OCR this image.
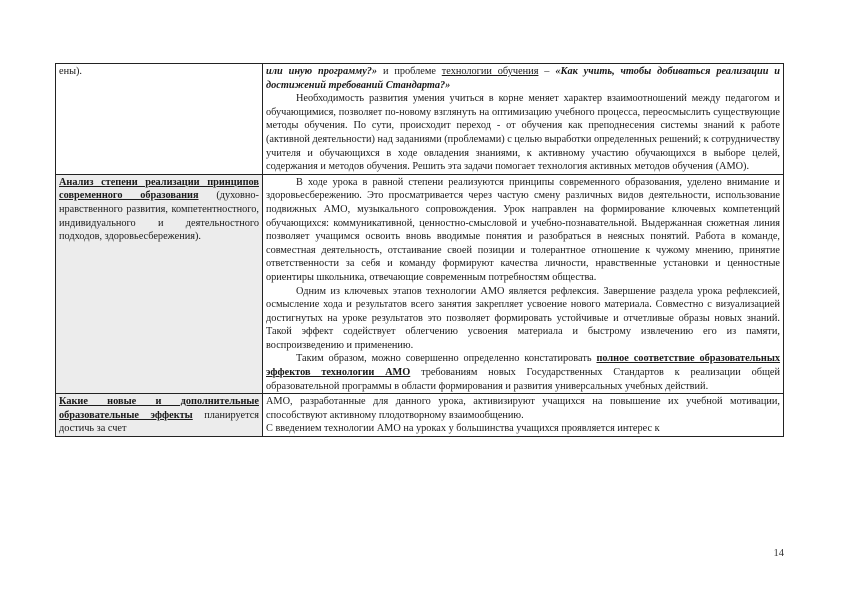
ены).	или иную программу?» и проблеме технологии обучения – «Как учить, чтобы добиваться реализации и достижений требований Стандарта?»

Необходимость развития умения учиться в корне меняет характер взаимоотношений между педагогом и обучающимися, позволяет по-новому взглянуть на оптимизацию учебного процесса, переосмыслить существующие методы обучения. По сути, происходит переход - от обучения как преподнесения системы знаний к работе (активной деятельности) над заданиями (проблемами) с целью выработки определенных решений; к сотрудничеству учителя и обучающихся в ходе овладения знаниями, к активному участию обучающихся в выборе целей, содержания и методов обучения. Решить эта задачи помогает технология активных методов обучения (АМО).

Анализ степени реализации принципов современного образования (духовно-нравственного развития, компетентностного, индивидуального и деятельностного подходов, здоровьесбережения).	В ходе урока в равной степени реализуются принципы современного образования, уделено внимание и здоровьесбережению. Это просматривается через частую смену различных видов деятельности, использование подвижных АМО, музыкального сопровождения. Урок направлен на формирование ключевых компетенций обучающихся: коммуникативной, ценностно-смысловой и учебно-познавательной. Выдержанная сюжетная линия позволяет учащимся освоить вновь вводимые понятия и разобраться в неясных понятий. Работа в команде, совместная деятельность, отстаивание своей позиции и толерантное отношение к чужому мнению, принятие ответственности за себя и команду формируют качества личности, нравственные установки и ценностные ориентиры школьника, отвечающие современным потребностям общества.

Одним из ключевых этапов технологии АМО является рефлексия. Завершение раздела урока рефлексией, осмысление хода и результатов всего занятия закрепляет усвоение нового материала. Совместно с визуализацией достигнутых на уроке результатов это позволяет формировать устойчивые и отчетливые образы новых знаний. Такой эффект содействует облегчению усвоения материала и быстрому извлечению его из памяти, воспроизведению и применению.

Таким образом, можно совершенно определенно констатировать полное соответствие образовательных эффектов технологии АМО требованиям новых Государственных Стандартов к реализации общей образовательной программы в области формирования и развития универсальных учебных действий.

Какие новые и дополнительные образовательные эффекты планируется достичь за счет	АМО, разработанные для данного урока, активизируют учащихся на повышение их учебной мотивации, способствуют активному плодотворному взаимообщению.

С введением технологии АМО на уроках у большинства учащихся проявляется интерес к

14
